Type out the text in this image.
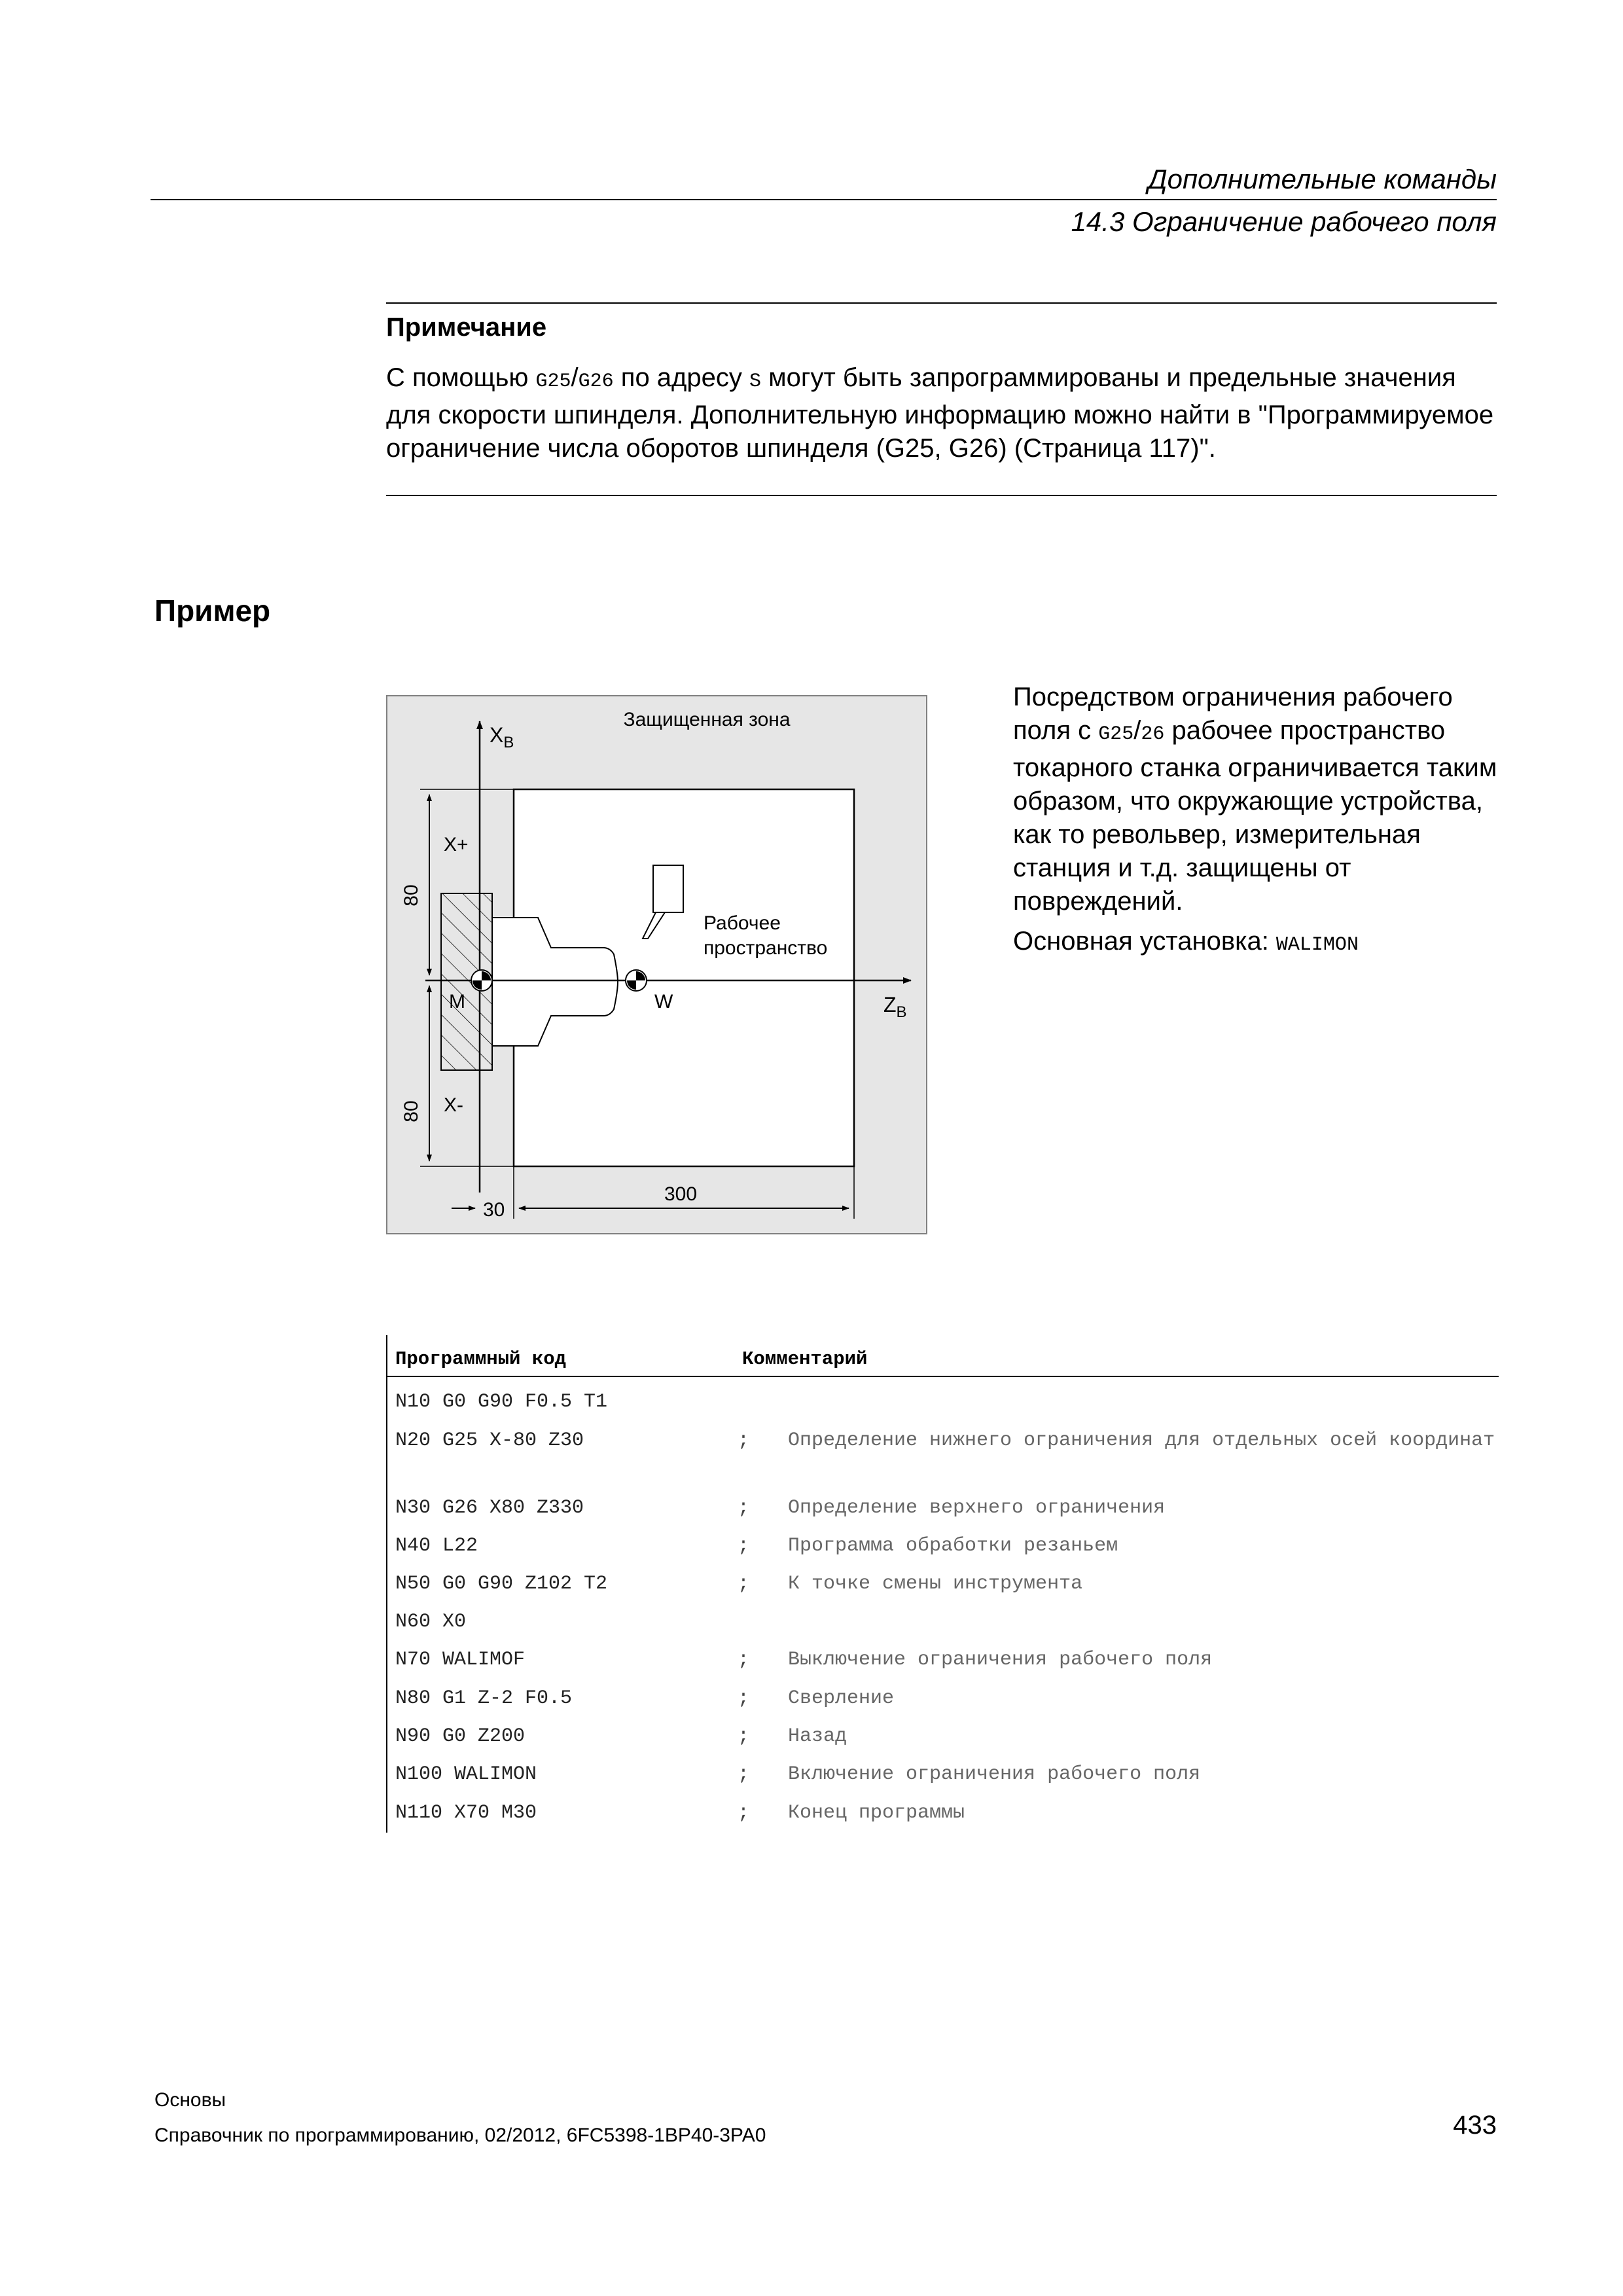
Дополнительные команды
14.3 Ограничение рабочего поля
Примечание
С помощью G25/G26 по адресу S могут быть запрограммированы и предельные значения для скорости шпинделя. Дополнительную информацию можно найти в "Программируемое ограничение числа оборотов шпинделя (G25, G26) (Страница 117)".
Пример
Защищенная зона
$X_B$
$Z_B$
M	W
Рабочее
пространство
80
80
X+
X-
30
300

Посредством ограничения рабочего поля с G25/26 рабочее пространство токарного станка ограничивается таким образом, что окружающие устройства, как то револьвер, измерительная станция и т.д. защищены от повреждений.

Основная установка: WALIMON

Программный код	Комментарий
N10 G0 G90 F0.5 T1
N20 G25 X-80 Z30	; Определение нижнего ограничения для отдельных осей координат
N30 G26 X80 Z330	; Определение верхнего ограничения
N40 L22	; Программа обработки резаньем
N50 G0 G90 Z102 T2	; К точке смены инструмента
N60 X0
N70 WALIMOF	; Выключение ограничения рабочего поля
N80 G1 Z-2 F0.5	; Сверление
N90 G0 Z200	; Назад
N100 WALIMON	; Включение ограничения рабочего поля
N110 X70 M30	; Конец программы
Основы
Справочник по программированию, 02/2012, 6FC5398-1BP40-3PA0	433
